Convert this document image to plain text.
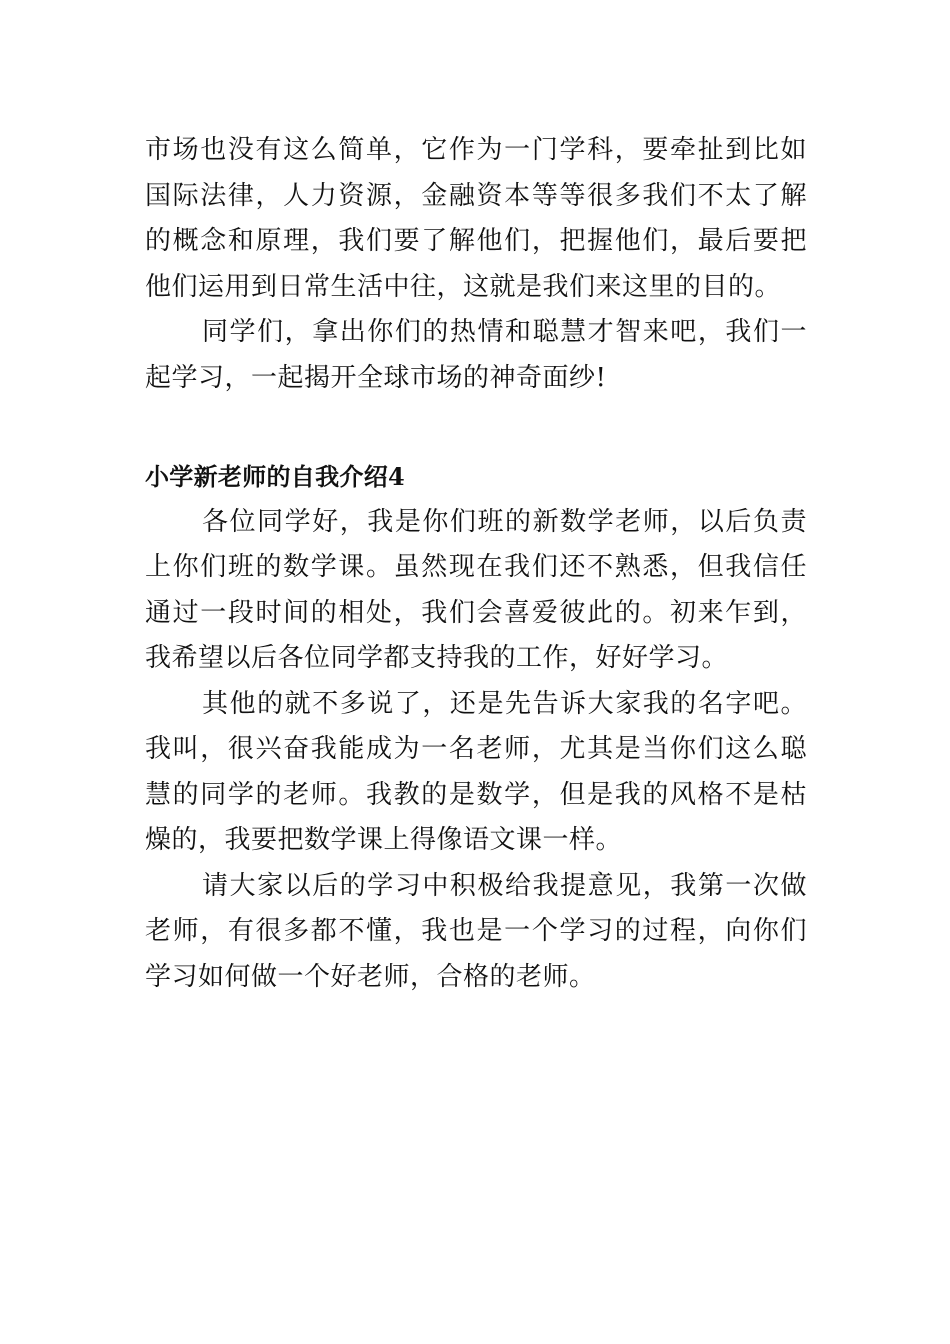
市场也没有这么简单，它作为一门学科，要牵扯到比如国际法律，人力资源，金融资本等等很多我们不太了解的概念和原理，我们要了解他们，把握他们，最后要把他们运用到日常生活中往，这就是我们来这里的目的。

同学们，拿出你们的热情和聪慧才智来吧，我们一起学习，一起揭开全球市场的神奇面纱!

小学新老师的自我介绍4

各位同学好，我是你们班的新数学老师，以后负责上你们班的数学课。虽然现在我们还不熟悉，但我信任通过一段时间的相处，我们会喜爱彼此的。初来乍到，我希望以后各位同学都支持我的工作，好好学习。

其他的就不多说了，还是先告诉大家我的名字吧。我叫，很兴奋我能成为一名老师，尤其是当你们这么聪慧的同学的老师。我教的是数学，但是我的风格不是枯燥的，我要把数学课上得像语文课一样。

请大家以后的学习中积极给我提意见，我第一次做老师，有很多都不懂，我也是一个学习的过程，向你们学习如何做一个好老师，合格的老师。
